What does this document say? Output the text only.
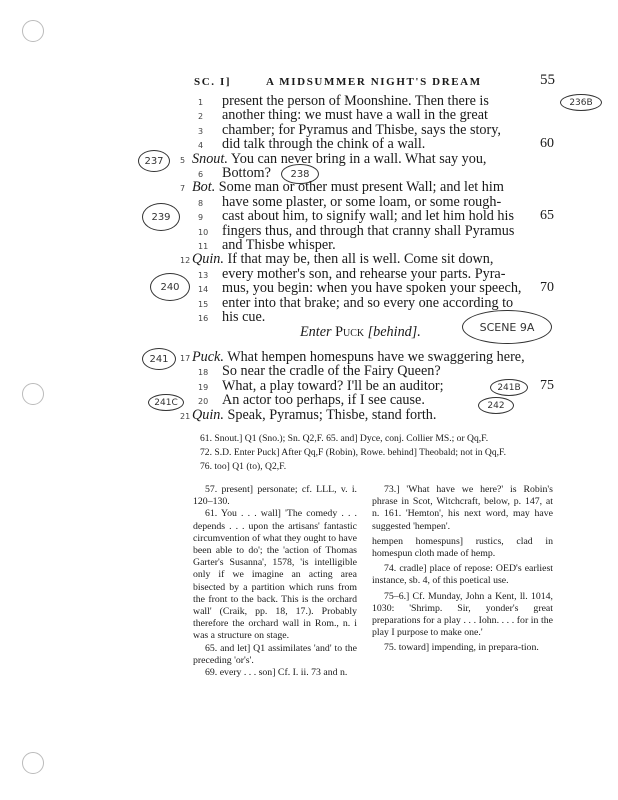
SC. I]	A MIDSUMMER NIGHT'S DREAM	55
1 present the person of Moonshine. Then there is
2 another thing: we must have a wall in the great
3 chamber; for Pyramus and Thisbe, says the story,
4 did talk through the chink of a wall.	60
5 Snout. You can never bring in a wall. What say you,
6 Bottom?
7 Bot. Some man or other must present Wall; and let him
8 have some plaster, or some loam, or some rough-
9 cast about him, to signify wall; and let him hold his 65
10 fingers thus, and through that cranny shall Pyramus
11 and Thisbe whisper.
12 Quin. If that may be, then all is well. Come sit down,
13 every mother's son, and rehearse your parts. Pyra-
14 mus, you begin: when you have spoken your speech, 70
15 enter into that brake; and so every one according to
16 his cue.
17 Puck. What hempen homespuns have we swaggering here,
18 So near the cradle of the Fairy Queen?
19 What, a play toward? I'll be an auditor;	75
20 An actor too perhaps, if I see cause.
21 Quin. Speak, Pyramus; Thisbe, stand forth.
Enter Puck [behind].
236B
237
238
239
240
SCENE 9A
241
241B
241C	242
61. Snout.] Q1 (Sno.); Sn. Q2,F. 65. and] Dyce, conj. Collier MS.; or Qq,F.
72. S.D. Enter Puck] After Qq,F (Robin), Rowe. behind] Theobald; not in Qq,F.
76. too] Q1 (to), Q2,F.

57. present] personate; cf. LLL, v. i. 120–130.

61. You . . . wall] 'The comedy . . . depends . . . upon the artisans' fantastic circumvention of what they ought to have been able to do'; the 'action of Thomas Garter's Susanna', 1578, 'is intelligible only if we imagine an acting area bisected by a partition which runs from the front to the back. This is the orchard wall' (Craik, pp. 18, 17.). Probably therefore the orchard wall in Rom., n. i was a structure on stage.

65. and let] Q1 assimilates 'and' to the preceding 'or's'.

69. every . . . son] Cf. I. ii. 73 and n.

73.] 'What have we here?' is Robin's phrase in Scot, Witchcraft, below, p. 147, at n. 161. 'Hemton', his next word, may have suggested 'hempen'.

hempen homespuns] rustics, clad in homespun cloth made of hemp.

74. cradle] place of repose: OED's earliest instance, sb. 4, of this poetical use.

75–6.] Cf. Munday, John a Kent, ll. 1014, 1030: 'Shrimp. Sir, yonder's great preparations for a play . . . Iohn. . . . for in the play I purpose to make one.'

75. toward] impending, in prepara-tion.
